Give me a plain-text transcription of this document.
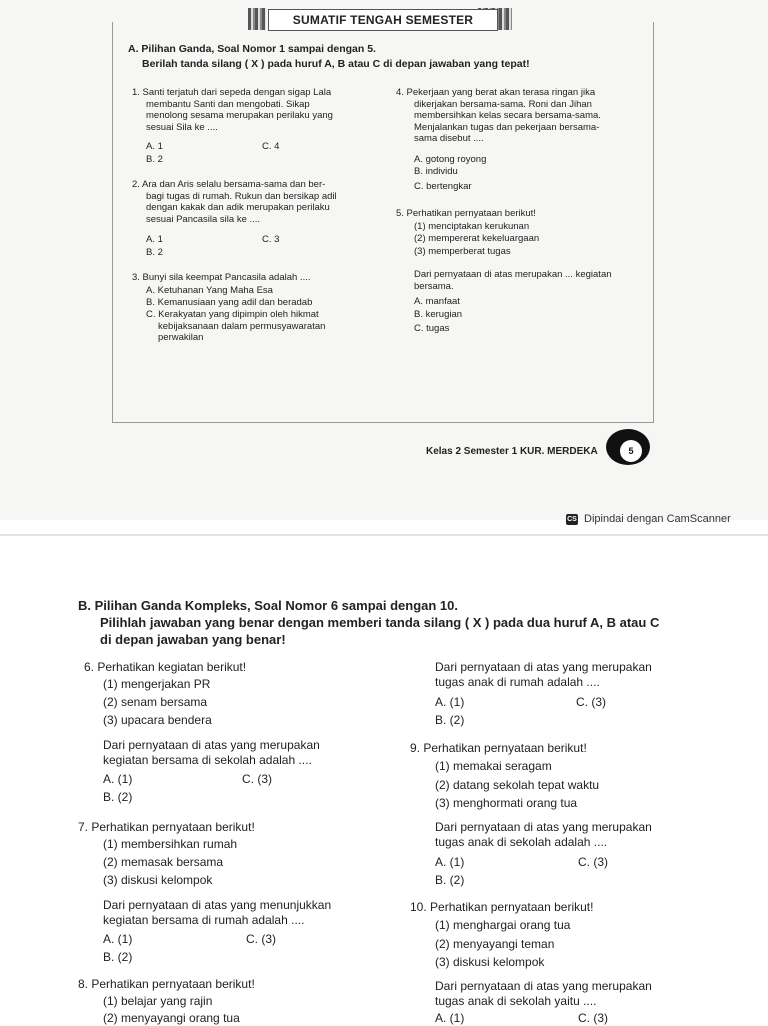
SUMATIF TENGAH SEMESTER
A. Pilihan Ganda, Soal Nomor 1 sampai dengan 5.
Berilah tanda silang ( X ) pada huruf A, B atau C di depan jawaban yang tepat!
1. Santi terjatuh dari sepeda dengan sigap Lala
membantu Santi dan mengobati. Sikap
menolong sesama merupakan perilaku yang
sesuai Sila ke ....
A. 1	C. 4
B. 2
2. Ara dan Aris selalu bersama-sama dan ber-
bagi tugas di rumah. Rukun dan bersikap adil
dengan kakak dan adik merupakan perilaku
sesuai Pancasila sila ke ....
A. 1	C. 3
B. 2
3. Bunyi sila keempat Pancasila adalah ....
A. Ketuhanan Yang Maha Esa
B. Kemanusiaan yang adil dan beradab
C. Kerakyatan yang dipimpin oleh hikmat
kebijaksanaan dalam permusyawaratan
perwakilan
4. Pekerjaan yang berat akan terasa ringan jika
dikerjakan bersama-sama. Roni dan Jihan
membersihkan kelas secara bersama-sama.
Menjalankan tugas dan pekerjaan bersama-
sama disebut ....
A. gotong royong
B. individu
C. bertengkar
5. Perhatikan pernyataan berikut!
(1) menciptakan kerukunan
(2) mempererat kekeluargaan
(3) memperberat tugas
Dari pernyataan di atas merupakan ... kegiatan
bersama.
A. manfaat
B. kerugian
C. tugas
Kelas 2 Semester 1 KUR. MERDEKA	5
CS Dipindai dengan CamScanner
B. Pilihan Ganda Kompleks, Soal Nomor 6 sampai dengan 10.
Pilihlah jawaban yang benar dengan memberi tanda silang ( X ) pada dua huruf A, B atau C
di depan jawaban yang benar!
6. Perhatikan kegiatan berikut!
(1) mengerjakan PR
(2) senam bersama
(3) upacara bendera
Dari pernyataan di atas yang merupakan
kegiatan bersama di sekolah adalah ....
A. (1)	C. (3)
B. (2)
7. Perhatikan pernyataan berikut!
(1) membersihkan rumah
(2) memasak bersama
(3) diskusi kelompok
Dari pernyataan di atas yang menunjukkan
kegiatan bersama di rumah adalah ....
A. (1)	C. (3)
B. (2)
8. Perhatikan pernyataan berikut!
(1) belajar yang rajin
(2) menyayangi orang tua
Dari pernyataan di atas yang merupakan
tugas anak di rumah adalah ....
A. (1)	C. (3)
B. (2)
9. Perhatikan pernyataan berikut!
(1) memakai seragam
(2) datang sekolah tepat waktu
(3) menghormati orang tua
Dari pernyataan di atas yang merupakan
tugas anak di sekolah adalah ....
A. (1)	C. (3)
B. (2)
10. Perhatikan pernyataan berikut!
(1) menghargai orang tua
(2) menyayangi teman
(3) diskusi kelompok
Dari pernyataan di atas yang merupakan
tugas anak di sekolah yaitu ....
A. (1)	C. (3)
